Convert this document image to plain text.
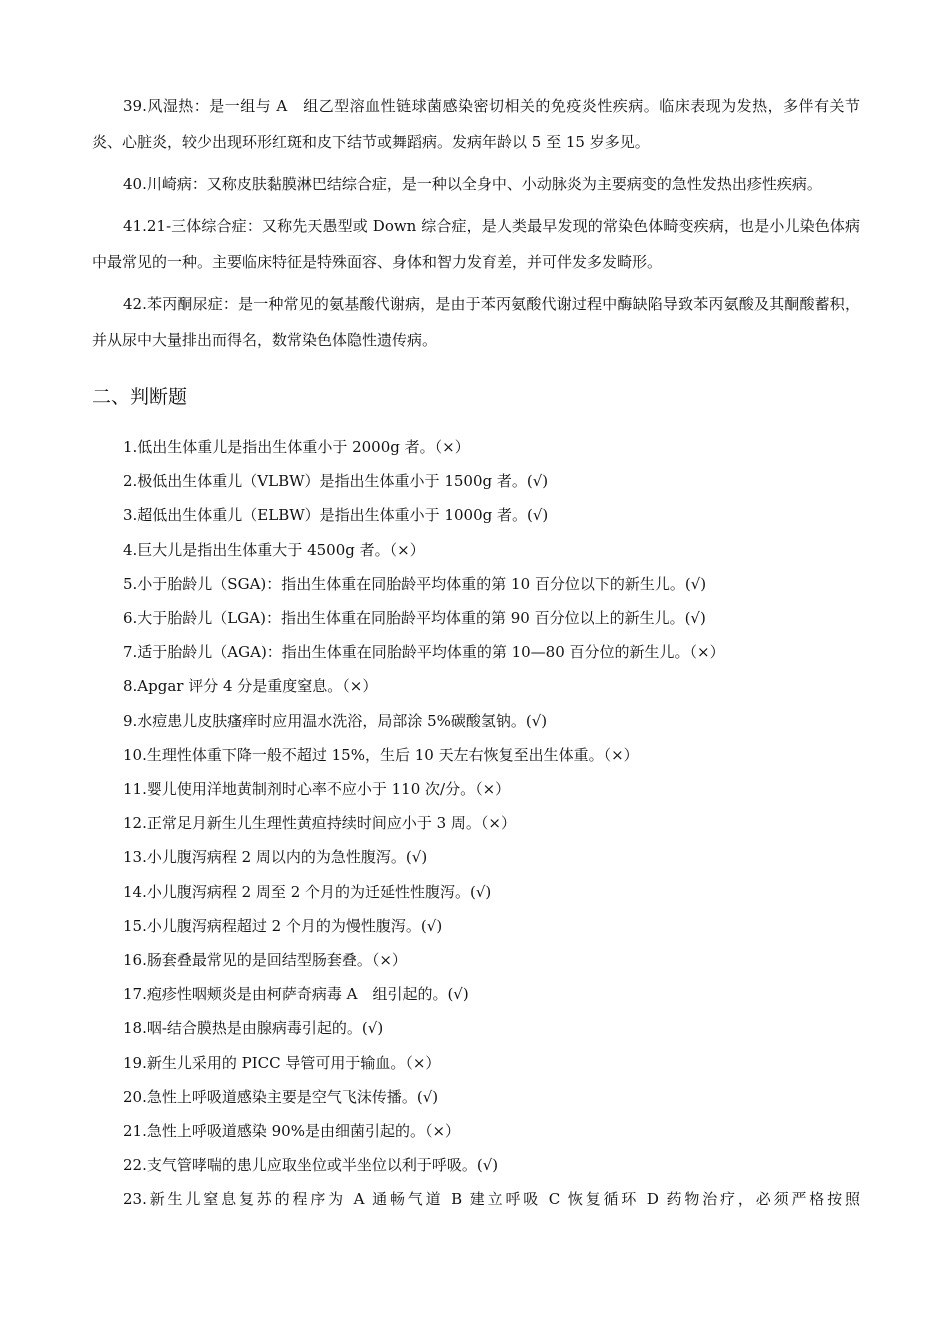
39.风湿热：是一组与 A　组乙型溶血性链球菌感染密切相关的免疫炎性疾病。临床表现为发热，多伴有关节炎、心脏炎，较少出现环形红斑和皮下结节或舞蹈病。发病年龄以 5 至 15 岁多见。

40.川崎病：又称皮肤黏膜淋巴结综合症，是一种以全身中、小动脉炎为主要病变的急性发热出疹性疾病。

41.21-三体综合症：又称先天愚型或 Down 综合症，是人类最早发现的常染色体畸变疾病，也是小儿染色体病中最常见的一种。主要临床特征是特殊面容、身体和智力发育差，并可伴发多发畸形。

42.苯丙酮尿症：是一种常见的氨基酸代谢病，是由于苯丙氨酸代谢过程中酶缺陷导致苯丙氨酸及其酮酸蓄积，并从尿中大量排出而得名，数常染色体隐性遗传病。

二、判断题
1.低出生体重儿是指出生体重小于 2000g 者。（×）
2.极低出生体重儿（VLBW）是指出生体重小于 1500g 者。(√)
3.超低出生体重儿（ELBW）是指出生体重小于 1000g 者。(√)
4.巨大儿是指出生体重大于 4500g 者。（×）
5.小于胎龄儿（SGA)：指出生体重在同胎龄平均体重的第 10 百分位以下的新生儿。(√)
6.大于胎龄儿（LGA)：指出生体重在同胎龄平均体重的第 90 百分位以上的新生儿。(√)
7.适于胎龄儿（AGA)：指出生体重在同胎龄平均体重的第 10—80 百分位的新生儿。（×）
8.Apgar 评分 4 分是重度窒息。（×）
9.水痘患儿皮肤瘙痒时应用温水洗浴，局部涂 5%碳酸氢钠。(√)
10.生理性体重下降一般不超过 15%，生后 10 天左右恢复至出生体重。（×）
11.婴儿使用洋地黄制剂时心率不应小于 110 次/分。（×）
12.正常足月新生儿生理性黄疸持续时间应小于 3 周。（×）
13.小儿腹泻病程 2 周以内的为急性腹泻。(√)
14.小儿腹泻病程 2 周至 2 个月的为迁延性性腹泻。(√)
15.小儿腹泻病程超过 2 个月的为慢性腹泻。(√)
16.肠套叠最常见的是回结型肠套叠。（×）
17.疱疹性咽颊炎是由柯萨奇病毒 A　组引起的。(√)
18.咽-结合膜热是由腺病毒引起的。(√)
19.新生儿采用的 PICC 导管可用于输血。（×）
20.急性上呼吸道感染主要是空气飞沫传播。(√)
21.急性上呼吸道感染 90%是由细菌引起的。（×）
22.支气管哮喘的患儿应取坐位或半坐位以利于呼吸。(√)
23.新生儿窒息复苏的程序为 A 通畅气道 B 建立呼吸 C 恢复循环 D 药物治疗，必须严格按照
